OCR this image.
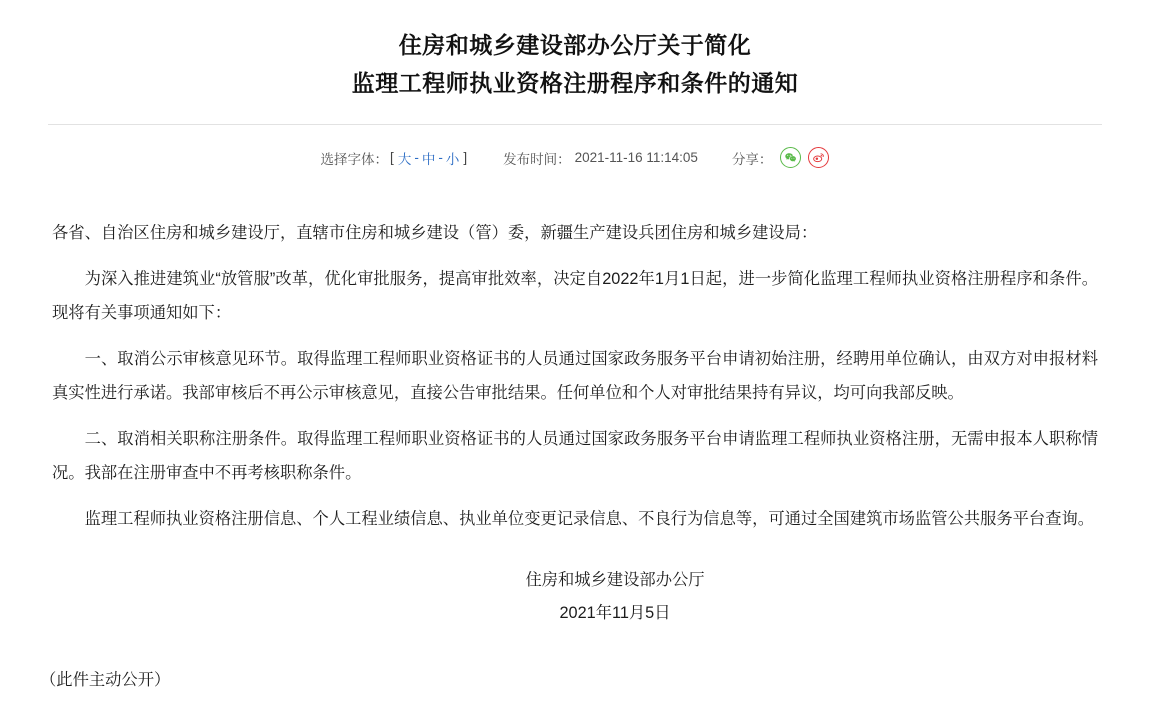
住房和城乡建设部办公厅关于简化
监理工程师执业资格注册程序和条件的通知
选择字体： [ 大 - 中 - 小 ]	发布时间： 2021-11-16 11:14:05	分享：

各省、自治区住房和城乡建设厅，直辖市住房和城乡建设（管）委，新疆生产建设兵团住房和城乡建设局：

为深入推进建筑业“放管服”改革，优化审批服务，提高审批效率，决定自2022年1月1日起，进一步简化监理工程师执业资格注册程序和条件。现将有关事项通知如下：

一、取消公示审核意见环节。取得监理工程师职业资格证书的人员通过国家政务服务平台申请初始注册，经聘用单位确认，由双方对申报材料真实性进行承诺。我部审核后不再公示审核意见，直接公告审批结果。任何单位和个人对审批结果持有异议，均可向我部反映。

二、取消相关职称注册条件。取得监理工程师职业资格证书的人员通过国家政务服务平台申请监理工程师执业资格注册，无需申报本人职称情况。我部在注册审查中不再考核职称条件。

监理工程师执业资格注册信息、个人工程业绩信息、执业单位变更记录信息、不良行为信息等，可通过全国建筑市场监管公共服务平台查询。

住房和城乡建设部办公厅
2021年11月5日
（此件主动公开）
